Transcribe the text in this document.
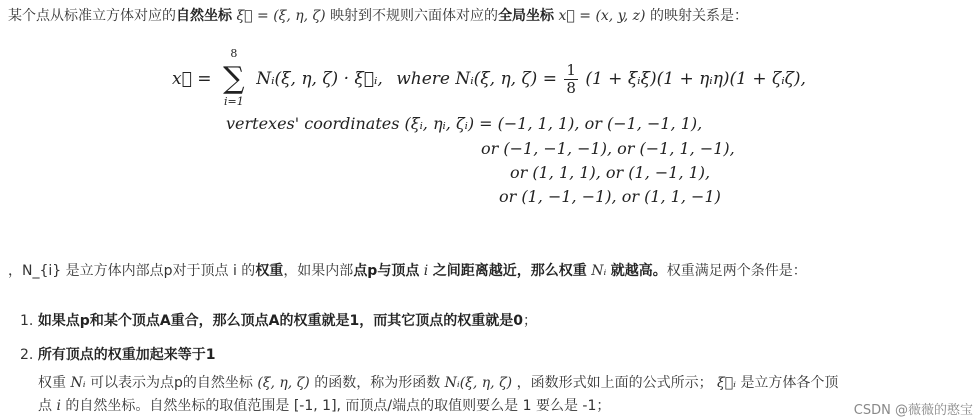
某个点从标准立方体对应的自然坐标 ξ⃗ = (ξ, η, ζ) 映射到不规则六面体对应的全局坐标 x⃗ = (x, y, z) 的映射关系是：
x⃗ =
8
∑
i=1
Nᵢ(ξ, η, ζ) · ξ⃗ᵢ, where Nᵢ(ξ, η, $\zeta) = \frac{1}{8} (1$ + ξᵢξ)(1 + ηᵢη)(1 + ζᵢζ),
vertexes' coordinates (ξᵢ, ηᵢ, ζᵢ) = (−1, 1, 1), or (−1, −1, 1),
or (−1, −1, −1), or (−1, 1, −1),
or (1, 1, 1), or (1, −1, 1),
or (1, −1, −1), or (1, 1, −1)
，N_{i} 是立方体内部点p对于顶点 i 的权重，如果内部点p与顶点 i 之间距离越近，那么权重 Nᵢ 就越高。权重满足两个条件是：
1. 如果点p和某个顶点A重合，那么顶点A的权重就是1，而其它顶点的权重就是0；
2. 所有顶点的权重加起来等于1
权重 Nᵢ 可以表示为点p的自然坐标 (ξ, η, ζ) 的函数，称为形函数 Nᵢ(ξ, η, ζ) ，函数形式如上面的公式所示； ξ⃗ᵢ 是立方体各个顶
点 i 的自然坐标。自然坐标的取值范围是 [-1, 1], 而顶点/端点的取值则要么是 1 要么是 -1；	CSDN @薇薇的憨宝
